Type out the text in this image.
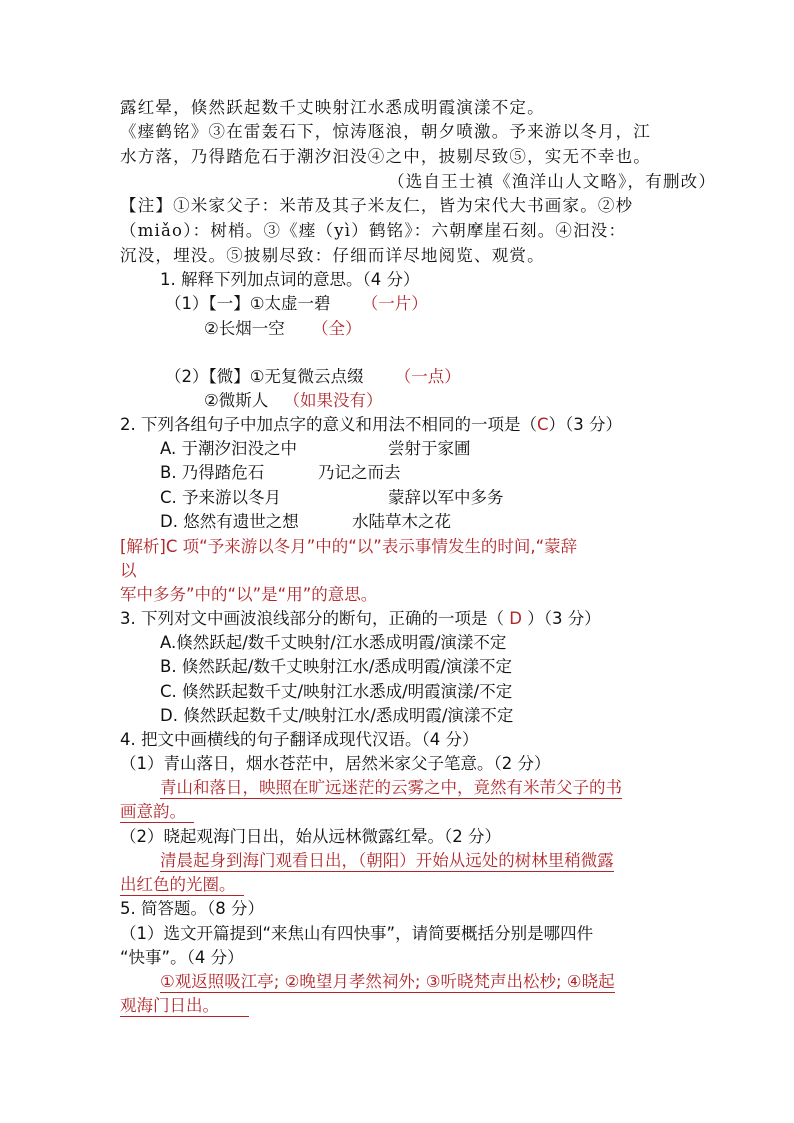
露红晕，倏然跃起数千丈映射江水悉成明霞演漾不定。
《瘗鹤铭》③在雷轰石下，惊涛豗浪，朝夕喷激。予来游以冬月，江
水方落，乃得踏危石于潮汐汩没④之中，披剔尽致⑤，实无不幸也。
（选自王士禛《渔洋山人文略》，有删改）
【注】①米家父子：米芾及其子米友仁，皆为宋代大书画家。②杪
（miǎo）：树梢。③《瘗（yì）鹤铭》：六朝摩崖石刻。④汩没：
沉没，埋没。⑤披剔尽致：仔细而详尽地阅览、观赏。
1. 解释下列加点词的意思。（4 分）
（1）【一】①太虚一碧 （一片）
②长烟一空 （全）
（2）【微】①无复微云点缀 （一点）
②微斯人 （如果没有）
2. 下列各组句子中加点字的意义和用法不相同的一项是（C）（3 分）
A. 于潮汐汩没之中	尝射于家圃
B. 乃得踏危石	乃记之而去
C. 予来游以冬月	蒙辞以军中多务
D. 悠然有遗世之想	水陆草木之花
[解析]C 项“予来游以冬月”中的“以”表示事情发生的时间,“蒙辞
以
军中多务”中的“以”是“用”的意思。
3. 下列对文中画波浪线部分的断句，正确的一项是（ D ）（3 分）
A.倏然跃起/数千丈映射/江水悉成明霞/演漾不定
B. 倏然跃起/数千丈映射江水/悉成明霞/演漾不定
C. 倏然跃起数千丈/映射江水悉成/明霞演漾/不定
D. 倏然跃起数千丈/映射江水/悉成明霞/演漾不定
4. 把文中画横线的句子翻译成现代汉语。（4 分）
（1）青山落日，烟水苍茫中，居然米家父子笔意。（2 分）
青山和落日，映照在旷远迷茫的云雾之中，竟然有米芾父子的书
画意韵。
（2）晓起观海门日出，始从远林微露红晕。（2 分）
清晨起身到海门观看日出，（朝阳）开始从远处的树林里稍微露
出红色的光圈。
5. 简答题。（8 分）
（1）选文开篇提到“来焦山有四快事”，请简要概括分别是哪四件
“快事”。（4 分）
①观返照吸江亭; ②晚望月孝然祠外; ③听晓梵声出松杪; ④晓起
观海门日出。
